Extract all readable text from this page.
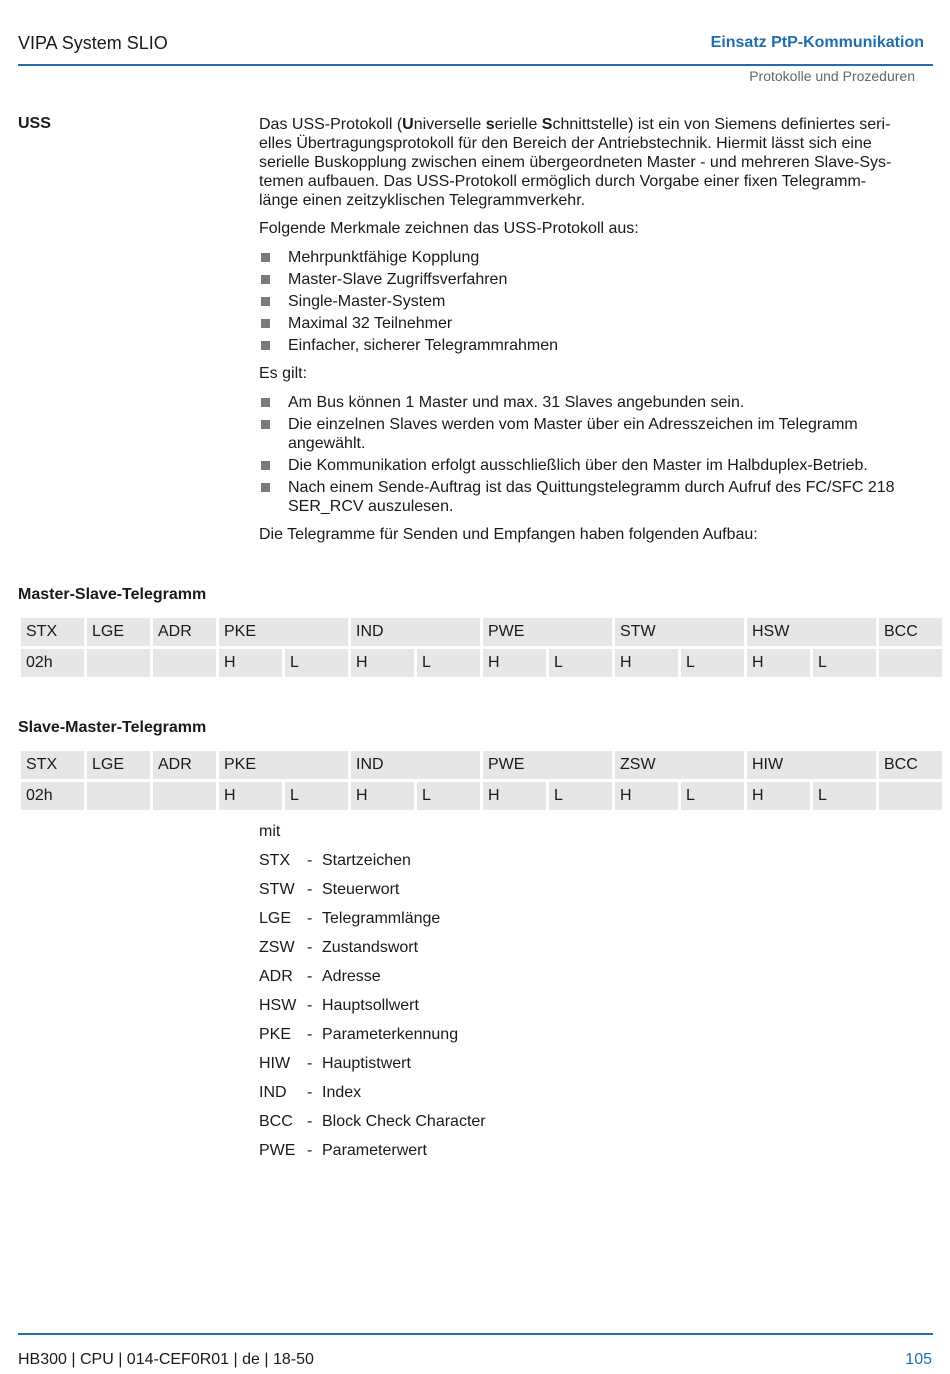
VIPA System SLIO	Einsatz PtP-Kommunikation
Protokolle und Prozeduren
USS	Das USS-Protokoll (Universelle serielle Schnittstelle) ist ein von Siemens definiertes seri-
elles Übertragungsprotokoll für den Bereich der Antriebstechnik. Hiermit lässt sich eine
serielle Buskopplung zwischen einem übergeordneten Master - und mehreren Slave-Sys-
temen aufbauen. Das USS-Protokoll ermöglich durch Vorgabe einer fixen Telegramm-
länge einen zeitzyklischen Telegrammverkehr.

Folgende Merkmale zeichnen das USS-Protokoll aus:

Mehrpunktfähige Kopplung
Master-Slave Zugriffsverfahren
Single-Master-System
Maximal 32 Teilnehmer
Einfacher, sicherer Telegrammrahmen

Es gilt:

Am Bus können 1 Master und max. 31 Slaves angebunden sein.
Die einzelnen Slaves werden vom Master über ein Adresszeichen im Telegramm
angewählt.
Die Kommunikation erfolgt ausschließlich über den Master im Halbduplex-Betrieb.
Nach einem Sende-Auftrag ist das Quittungstelegramm durch Aufruf des FC/SFC 218
SER_RCV auszulesen.

Die Telegramme für Senden und Empfangen haben folgenden Aufbau:

Master-Slave-Telegramm
STX	LGE	ADR	PKE		IND		PWE		STW		HSW		BCC
02h			H	L	H	L	H	L	H	L	H	L	
Slave-Master-Telegramm
STX	LGE	ADR	PKE		IND		PWE		ZSW		HIW		BCC
02h			H	L	H	L	H	L	H	L	H	L	
mit
STX - Startzeichen
STW - Steuerwort
LGE - Telegrammlänge
ZSW - Zustandswort
ADR - Adresse
HSW - Hauptsollwert
PKE - Parameterkennung
HIW - Hauptistwert
IND - Index
BCC - Block Check Character
PWE - Parameterwert
HB300 | CPU | 014-CEF0R01 | de | 18-50	105
